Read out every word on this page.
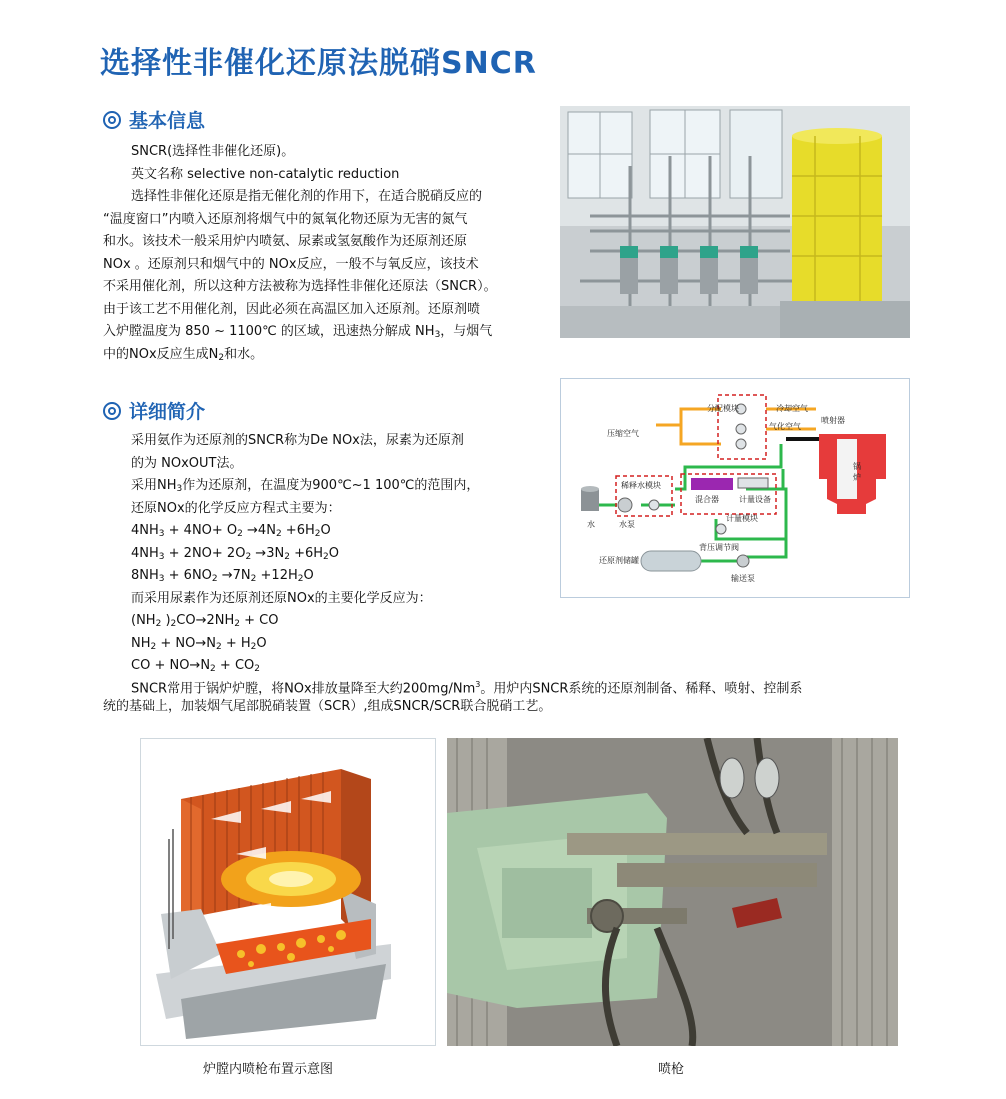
选择性非催化还原法脱硝SNCR
基本信息
SNCR(选择性非催化还原)。
英文名称 selective non-catalytic reduction
选择性非催化还原是指无催化剂的作用下，在适合脱硝反应的
“温度窗口”内喷入还原剂将烟气中的氮氧化物还原为无害的氮气
和水。该技术一般采用炉内喷氨、尿素或氢氨酸作为还原剂还原
NOx 。还原剂只和烟气中的 NOx反应，一般不与氧反应，该技术
不采用催化剂，所以这种方法被称为选择性非催化还原法（SNCR）。
由于该工艺不用催化剂，因此必须在高温区加入还原剂。还原剂喷
入炉膛温度为 850 ~ 1100℃ 的区域，迅速热分解成 $NH_3$，与烟气
中的NOx反应生成$N_2$和水。
详细简介
采用氨作为还原剂的SNCR称为De NOx法，尿素为还原剂
的为 NOxOUT法。
采用$NH_3$作为还原剂，在温度为900℃~1 100℃的范围内，
还原NOx的化学反应方程式主要为：
$4NH_3 + 4NO+ O_2 \to 4N_2 +6H_2O$
$4NH_3 + 2NO+ 2O_2 \to 3N_2 +6H_2O$
$8NH_3 + 6NO_2 \to 7N_2 +12H_2O$
而采用尿素作为还原剂还原NOx的主要化学反应为：
($NH_2$ )$_2CO\to 2NH_2$ + CO
$NH_2 + NO\to N_2 + H_2O$
CO + $NO\to N_2 + CO_2$
SNCR常用于锅炉炉膛，将NOx排放量降至大约200mg/Nm$^3$。用炉内SNCR系统的还原剂制备、稀释、喷射、控制系
统的基础上，加装烟气尾部脱硝装置（SCR）,组成SNCR/SCR联合脱硝工艺。
分配模块	冷却空气
喷射器
压缩空气
气化空气
锅炉
稀释水模块
混合器	计量设备
水	水泵
计量模块
背压调节阀
还原剂储罐
输送泵
炉膛内喷枪布置示意图	喷枪
